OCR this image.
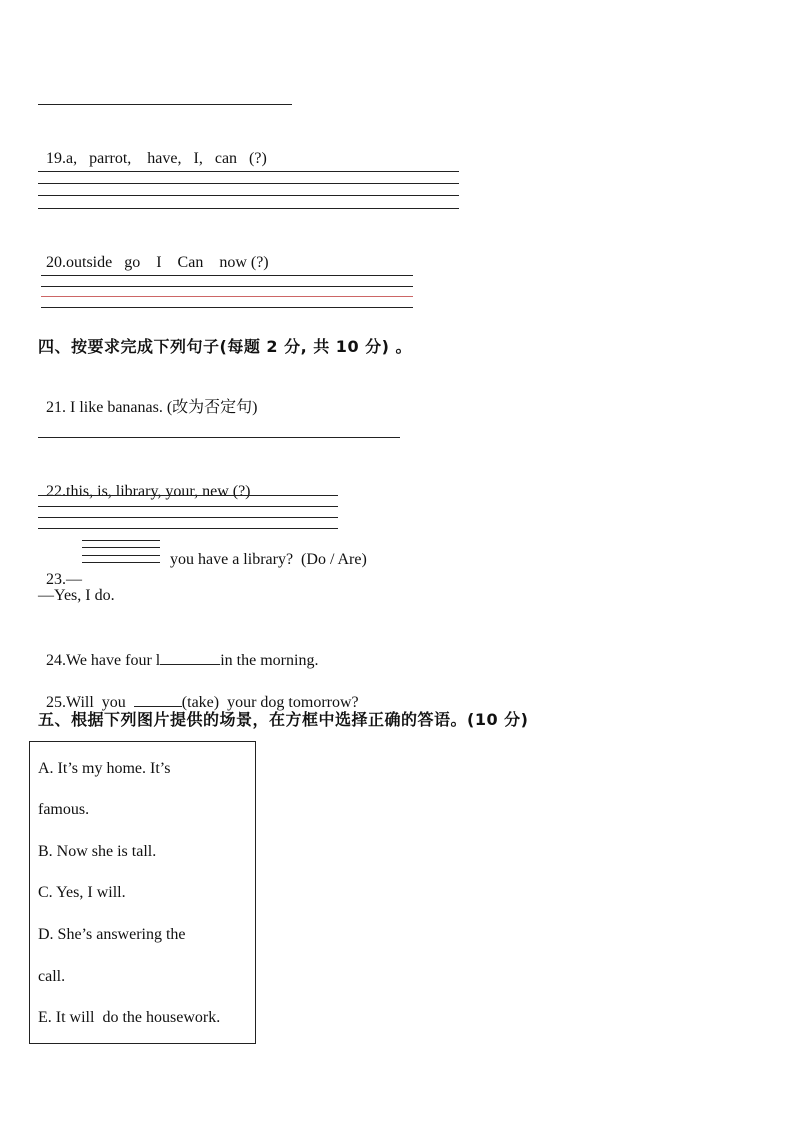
19.a,   parrot,    have,   I,   can   (?)

20.outside   go    I    Can    now (?)

四、按要求完成下列句子(每题 2 分, 共 10 分) 。

21. I like bananas. (改为否定句)

22.this, is, library, your, new (?)

23.—

you have a library?  (Do / Are)
—Yes, I do.

24.We have four l	in the morning.

25.Will  you	(take)  your dog tomorrow?

五、根据下列图片提供的场景，在方框中选择正确的答语。(10 分)
A. It’s my home. It’s
famous.
B. Now she is tall.
C. Yes, I will.
D. She’s answering the
call.
E. It will  do the housework.
